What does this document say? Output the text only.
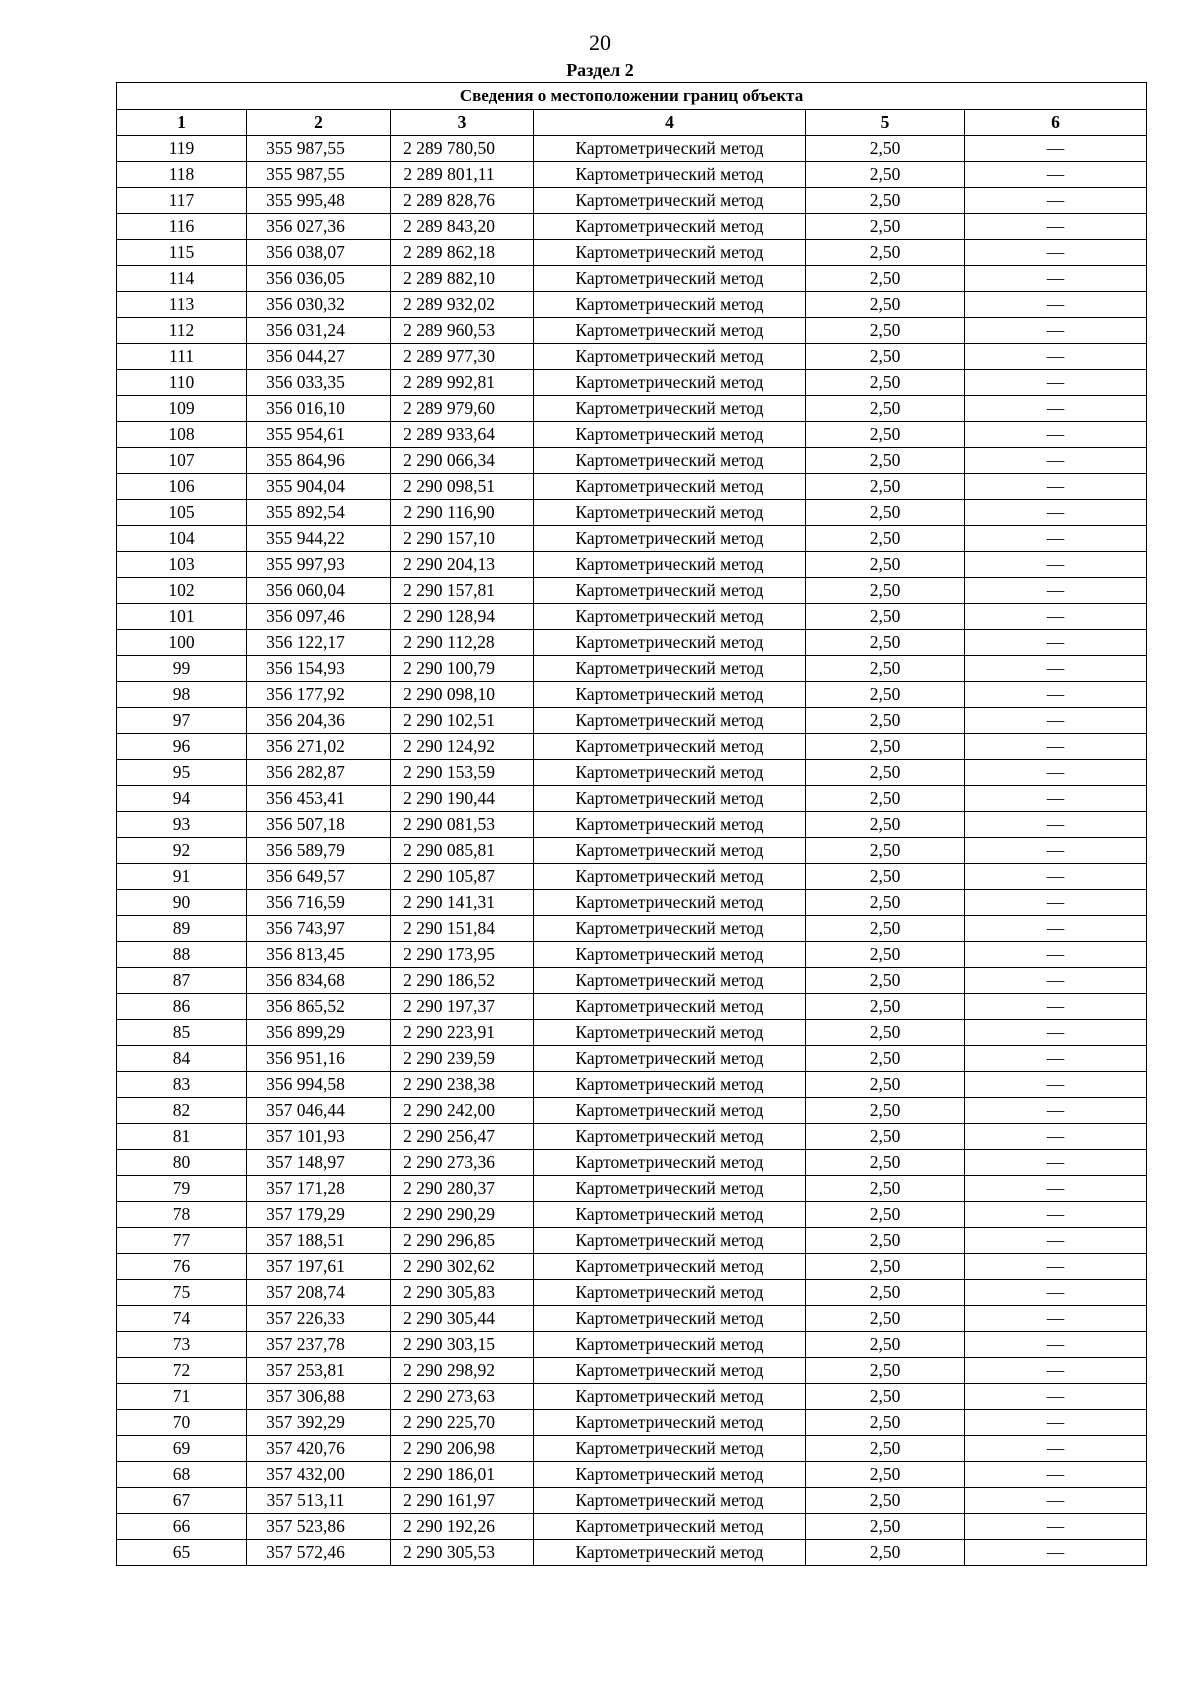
20
Раздел 2
Сведения о местоположении границ объекта					
1	2	3	4	5	6
119	355 987,55	2 289 780,50	Картометрический метод	2,50	—
118	355 987,55	2 289 801,11	Картометрический метод	2,50	—
117	355 995,48	2 289 828,76	Картометрический метод	2,50	—
116	356 027,36	2 289 843,20	Картометрический метод	2,50	—
115	356 038,07	2 289 862,18	Картометрический метод	2,50	—
114	356 036,05	2 289 882,10	Картометрический метод	2,50	—
113	356 030,32	2 289 932,02	Картометрический метод	2,50	—
112	356 031,24	2 289 960,53	Картометрический метод	2,50	—
111	356 044,27	2 289 977,30	Картометрический метод	2,50	—
110	356 033,35	2 289 992,81	Картометрический метод	2,50	—
109	356 016,10	2 289 979,60	Картометрический метод	2,50	—
108	355 954,61	2 289 933,64	Картометрический метод	2,50	—
107	355 864,96	2 290 066,34	Картометрический метод	2,50	—
106	355 904,04	2 290 098,51	Картометрический метод	2,50	—
105	355 892,54	2 290 116,90	Картометрический метод	2,50	—
104	355 944,22	2 290 157,10	Картометрический метод	2,50	—
103	355 997,93	2 290 204,13	Картометрический метод	2,50	—
102	356 060,04	2 290 157,81	Картометрический метод	2,50	—
101	356 097,46	2 290 128,94	Картометрический метод	2,50	—
100	356 122,17	2 290 112,28	Картометрический метод	2,50	—
99	356 154,93	2 290 100,79	Картометрический метод	2,50	—
98	356 177,92	2 290 098,10	Картометрический метод	2,50	—
97	356 204,36	2 290 102,51	Картометрический метод	2,50	—
96	356 271,02	2 290 124,92	Картометрический метод	2,50	—
95	356 282,87	2 290 153,59	Картометрический метод	2,50	—
94	356 453,41	2 290 190,44	Картометрический метод	2,50	—
93	356 507,18	2 290 081,53	Картометрический метод	2,50	—
92	356 589,79	2 290 085,81	Картометрический метод	2,50	—
91	356 649,57	2 290 105,87	Картометрический метод	2,50	—
90	356 716,59	2 290 141,31	Картометрический метод	2,50	—
89	356 743,97	2 290 151,84	Картометрический метод	2,50	—
88	356 813,45	2 290 173,95	Картометрический метод	2,50	—
87	356 834,68	2 290 186,52	Картометрический метод	2,50	—
86	356 865,52	2 290 197,37	Картометрический метод	2,50	—
85	356 899,29	2 290 223,91	Картометрический метод	2,50	—
84	356 951,16	2 290 239,59	Картометрический метод	2,50	—
83	356 994,58	2 290 238,38	Картометрический метод	2,50	—
82	357 046,44	2 290 242,00	Картометрический метод	2,50	—
81	357 101,93	2 290 256,47	Картометрический метод	2,50	—
80	357 148,97	2 290 273,36	Картометрический метод	2,50	—
79	357 171,28	2 290 280,37	Картометрический метод	2,50	—
78	357 179,29	2 290 290,29	Картометрический метод	2,50	—
77	357 188,51	2 290 296,85	Картометрический метод	2,50	—
76	357 197,61	2 290 302,62	Картометрический метод	2,50	—
75	357 208,74	2 290 305,83	Картометрический метод	2,50	—
74	357 226,33	2 290 305,44	Картометрический метод	2,50	—
73	357 237,78	2 290 303,15	Картометрический метод	2,50	—
72	357 253,81	2 290 298,92	Картометрический метод	2,50	—
71	357 306,88	2 290 273,63	Картометрический метод	2,50	—
70	357 392,29	2 290 225,70	Картометрический метод	2,50	—
69	357 420,76	2 290 206,98	Картометрический метод	2,50	—
68	357 432,00	2 290 186,01	Картометрический метод	2,50	—
67	357 513,11	2 290 161,97	Картометрический метод	2,50	—
66	357 523,86	2 290 192,26	Картометрический метод	2,50	—
65	357 572,46	2 290 305,53	Картометрический метод	2,50	—
